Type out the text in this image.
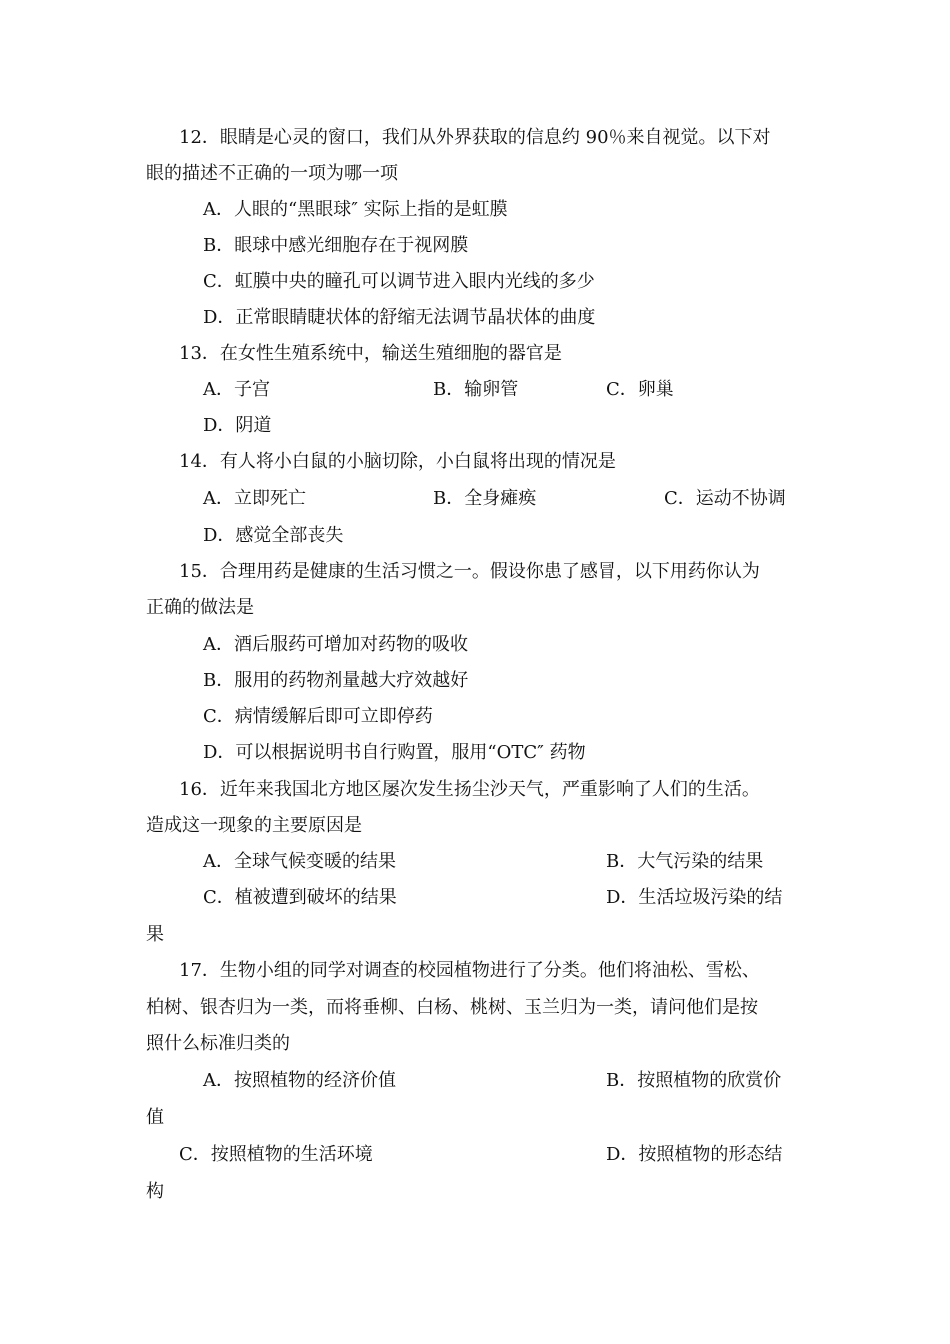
12．眼睛是心灵的窗口，我们从外界获取的信息约 90％来自视觉。以下对
眼的描述不正确的一项为哪一项
A．人眼的“黑眼球″ 实际上指的是虹膜
B．眼球中感光细胞存在于视网膜
C．虹膜中央的瞳孔可以调节进入眼内光线的多少
D．正常眼睛睫状体的舒缩无法调节晶状体的曲度
13．在女性生殖系统中，输送生殖细胞的器官是
A．子宫	B．输卵管	C．卵巢
D．阴道
14．有人将小白鼠的小脑切除，小白鼠将出现的情况是
A．立即死亡	B．全身瘫痪	C．运动不协调
D．感觉全部丧失
15．合理用药是健康的生活习惯之一。假设你患了感冒，以下用药你认为
正确的做法是
A．酒后服药可增加对药物的吸收
B．服用的药物剂量越大疗效越好
C．病情缓解后即可立即停药
D．可以根据说明书自行购置，服用“OTC″ 药物
16．近年来我国北方地区屡次发生扬尘沙天气，严重影响了人们的生活。
造成这一现象的主要原因是
A．全球气候变暖的结果	B．大气污染的结果
C．植被遭到破坏的结果	D．生活垃圾污染的结
果
17．生物小组的同学对调查的校园植物进行了分类。他们将油松、雪松、
柏树、银杏归为一类，而将垂柳、白杨、桃树、玉兰归为一类，请问他们是按
照什么标准归类的
A．按照植物的经济价值	B．按照植物的欣赏价
值
C．按照植物的生活环境	D．按照植物的形态结
构
